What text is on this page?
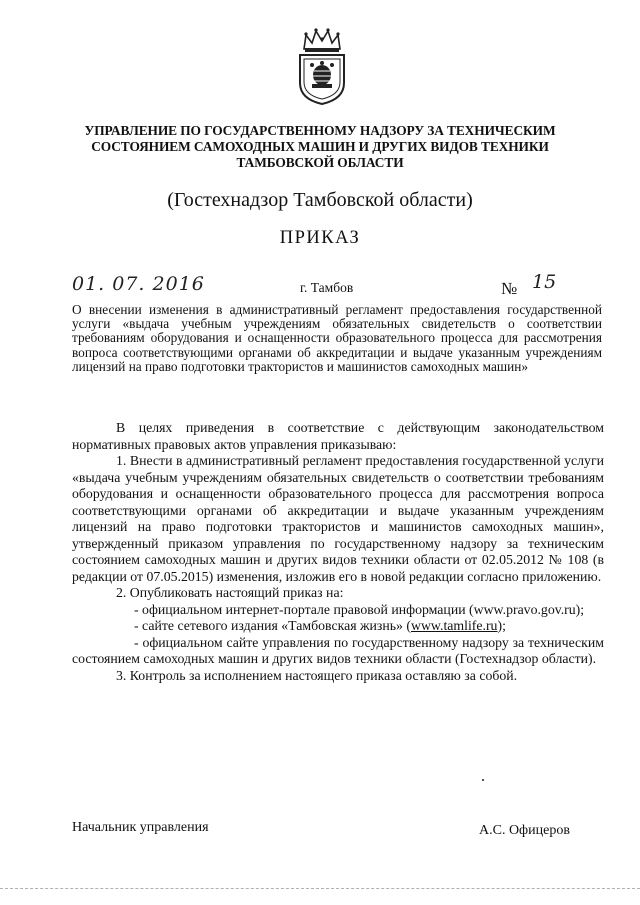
УПРАВЛЕНИЕ ПО ГОСУДАРСТВЕННОМУ НАДЗОРУ ЗА ТЕХНИЧЕСКИМ
СОСТОЯНИЕМ САМОХОДНЫХ МАШИН И ДРУГИХ ВИДОВ ТЕХНИКИ
ТАМБОВСКОЙ ОБЛАСТИ
(Гостехнадзор Тамбовской области)
ПРИКАЗ
01. 07. 2016	г. Тамбов	№ 15
О внесении изменения в административный регламент предоставления государственной услуги «выдача учебным учреждениям обязательных свидетельств о соответствии требованиям оборудования и оснащенности образовательного процесса для рассмотрения вопроса соответствующими органами об аккредитации и выдаче указанным учреждениям лицензий на право подготовки трактористов и машинистов самоходных машин»

В целях приведения в соответствие с действующим законодательством нормативных правовых актов управления приказываю:

1. Внести в административный регламент предоставления государственной услуги «выдача учебным учреждениям обязательных свидетельств о соответствии требованиям оборудования и оснащенности образовательного процесса для рассмотрения вопроса соответствующими органами об аккредитации и выдаче указанным учреждениям лицензий на право подготовки трактористов и машинистов самоходных машин», утвержденный приказом управления по государственному надзору за техническим состоянием самоходных машин и других видов техники области от 02.05.2012 № 108 (в редакции от 07.05.2015) изменения, изложив его в новой редакции согласно приложению.

2. Опубликовать настоящий приказ на:

- официальном интернет-портале правовой информации (www.pravo.gov.ru);

- сайте сетевого издания «Тамбовская жизнь» (www.tamlife.ru);

- официальном сайте управления по государственному надзору за техническим состоянием самоходных машин и других видов техники области (Гостехнадзор области).

3. Контроль за исполнением настоящего приказа оставляю за собой.

Начальник управления	А.С. Офицеров
